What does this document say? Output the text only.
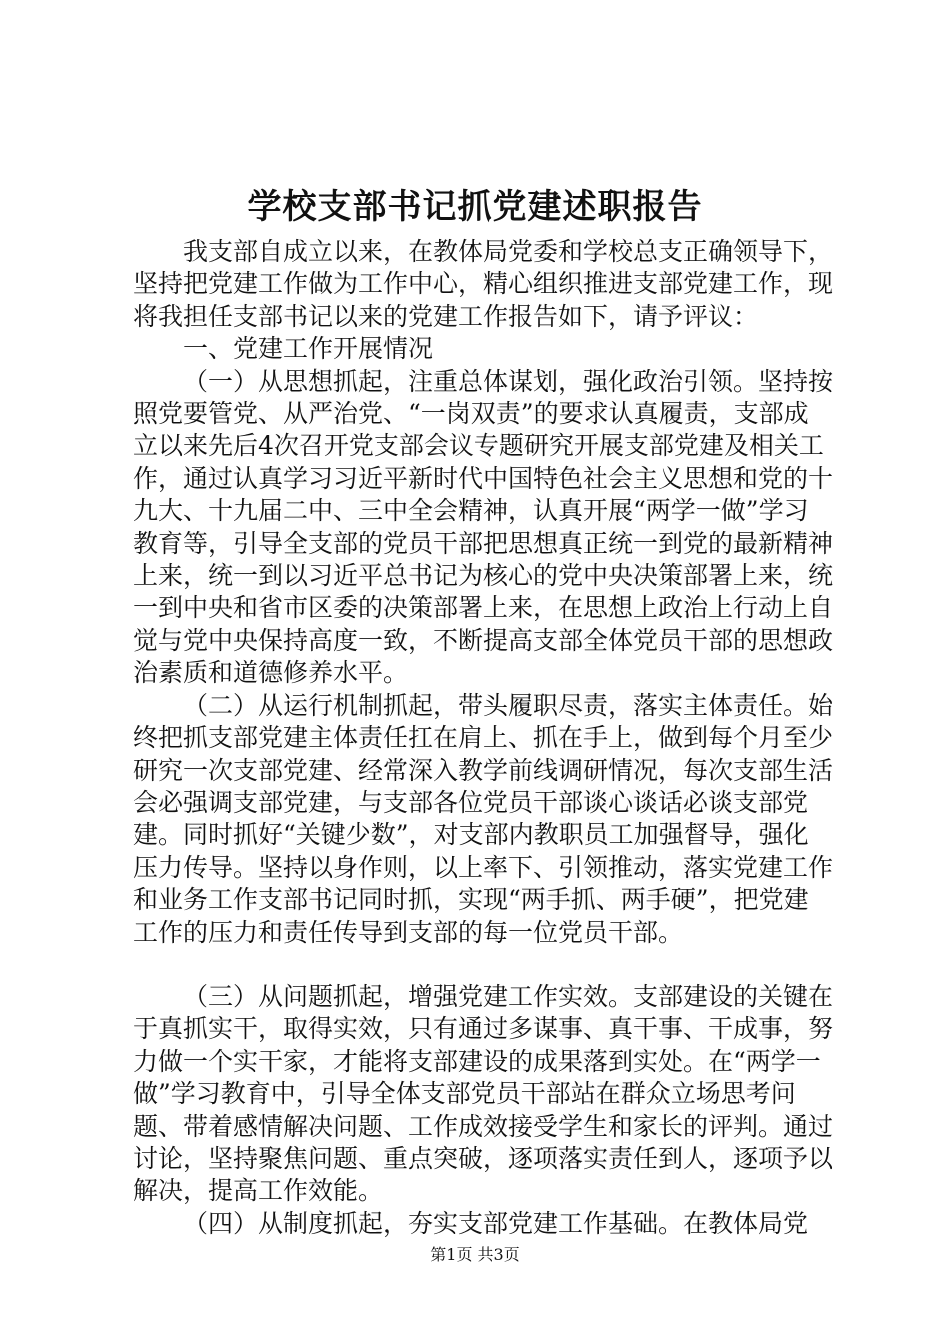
学校支部书记抓党建述职报告

我支部自成立以来，在教体局党委和学校总支正确领导下，坚持把党建工作做为工作中心，精心组织推进支部党建工作，现将我担任支部书记以来的党建工作报告如下，请予评议：

一、党建工作开展情况

（一）从思想抓起，注重总体谋划，强化政治引领。坚持按照党要管党、从严治党、“一岗双责”的要求认真履责，支部成立以来先后4次召开党支部会议专题研究开展支部党建及相关工作，通过认真学习习近平新时代中国特色社会主义思想和党的十九大、十九届二中、三中全会精神，认真开展“两学一做”学习教育等，引导全支部的党员干部把思想真正统一到党的最新精神上来，统一到以习近平总书记为核心的党中央决策部署上来，统一到中央和省市区委的决策部署上来，在思想上政治上行动上自觉与党中央保持高度一致，不断提高支部全体党员干部的思想政治素质和道德修养水平。

（二）从运行机制抓起，带头履职尽责，落实主体责任。始终把抓支部党建主体责任扛在肩上、抓在手上，做到每个月至少研究一次支部党建、经常深入教学前线调研情况，每次支部生活会必强调支部党建，与支部各位党员干部谈心谈话必谈支部党建。同时抓好“关键少数”，对支部内教职员工加强督导，强化压力传导。坚持以身作则，以上率下、引领推动，落实党建工作和业务工作支部书记同时抓，实现“两手抓、两手硬”，把党建工作的压力和责任传导到支部的每一位党员干部。

（三）从问题抓起，增强党建工作实效。支部建设的关键在于真抓实干，取得实效，只有通过多谋事、真干事、干成事，努力做一个实干家，才能将支部建设的成果落到实处。在“两学一做”学习教育中，引导全体支部党员干部站在群众立场思考问题、带着感情解决问题、工作成效接受学生和家长的评判。通过讨论，坚持聚焦问题、重点突破，逐项落实责任到人，逐项予以解决，提高工作效能。

（四）从制度抓起，夯实支部党建工作基础。在教体局党

第1页 共3页
